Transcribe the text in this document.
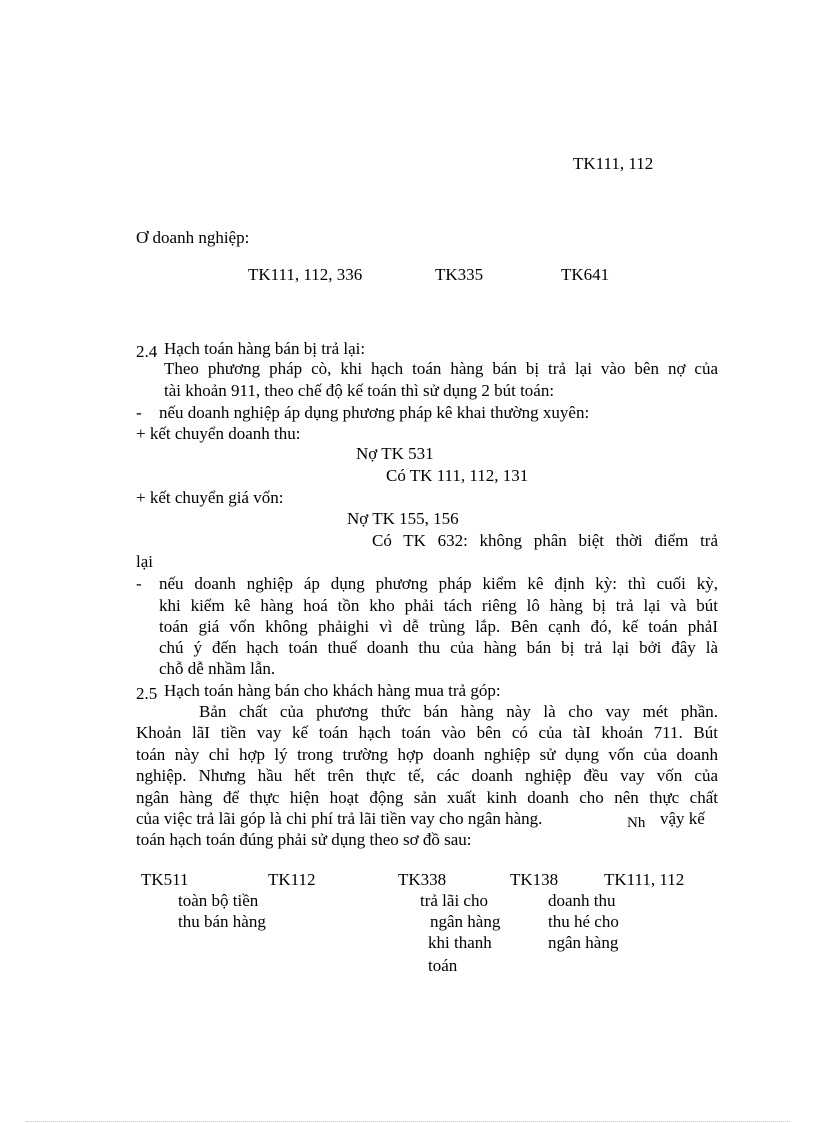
TK111, 112
Ơ doanh nghiệp:
TK111, 112, 336	TK335	TK641
2.4 Hạch toán hàng bán bị trả lại:
Theo phương pháp cò, khi hạch toán hàng bán bị trả lại vào bên nợ của
tài khoản 911, theo chế độ kế toán thì sử dụng 2 bút toán:
- nếu doanh nghiệp áp dụng phương pháp kê khai thường xuyên:
+ kết chuyển doanh thu:
Nợ TK 531
Có TK 111, 112, 131
+ kết chuyển giá vốn:
Nợ TK 155, 156
Có TK 632: không phân biệt thời điểm trả
lại
- nếu doanh nghiệp áp dụng phương pháp kiểm kê định kỳ: thì cuối kỳ,
khi kiểm kê hàng hoá tồn kho phải tách riêng lô hàng bị trả lại và bút
toán giá vốn không phảighi vì dễ trùng lắp. Bên cạnh đó, kế toán phảI
chú ý đến hạch toán thuế doanh thu của hàng bán bị trả lại bởi đây là
chỗ dễ nhầm lẫn.
2.5 Hạch toán hàng bán cho khách hàng mua trả góp:
Bản chất của phương thức bán hàng này là cho vay mét phần.
Khoản lãI tiền vay kế toán hạch toán vào bên có của tàI khoản 711. Bút
toán này chỉ hợp lý trong trường hợp doanh nghiệp sử dụng vốn của doanh
nghiệp. Nhưng hầu hết trên thực tế, các doanh nghiệp đều vay vốn của
ngân hàng để thực hiện hoạt động sản xuất kinh doanh cho nên thực chất
của việc trả lãi góp là chi phí trả lãi tiền vay cho ngân hàng.	Nh vậy kế
toán hạch toán đúng phải sử dụng theo sơ đồ sau:
TK511	TK112	TK338	TK138	TK111, 112
toàn bộ tiền
thu bán hàng
trả lãi cho
ngân hàng
khi thanh
toán
doanh thu
thu hé cho
ngân hàng
